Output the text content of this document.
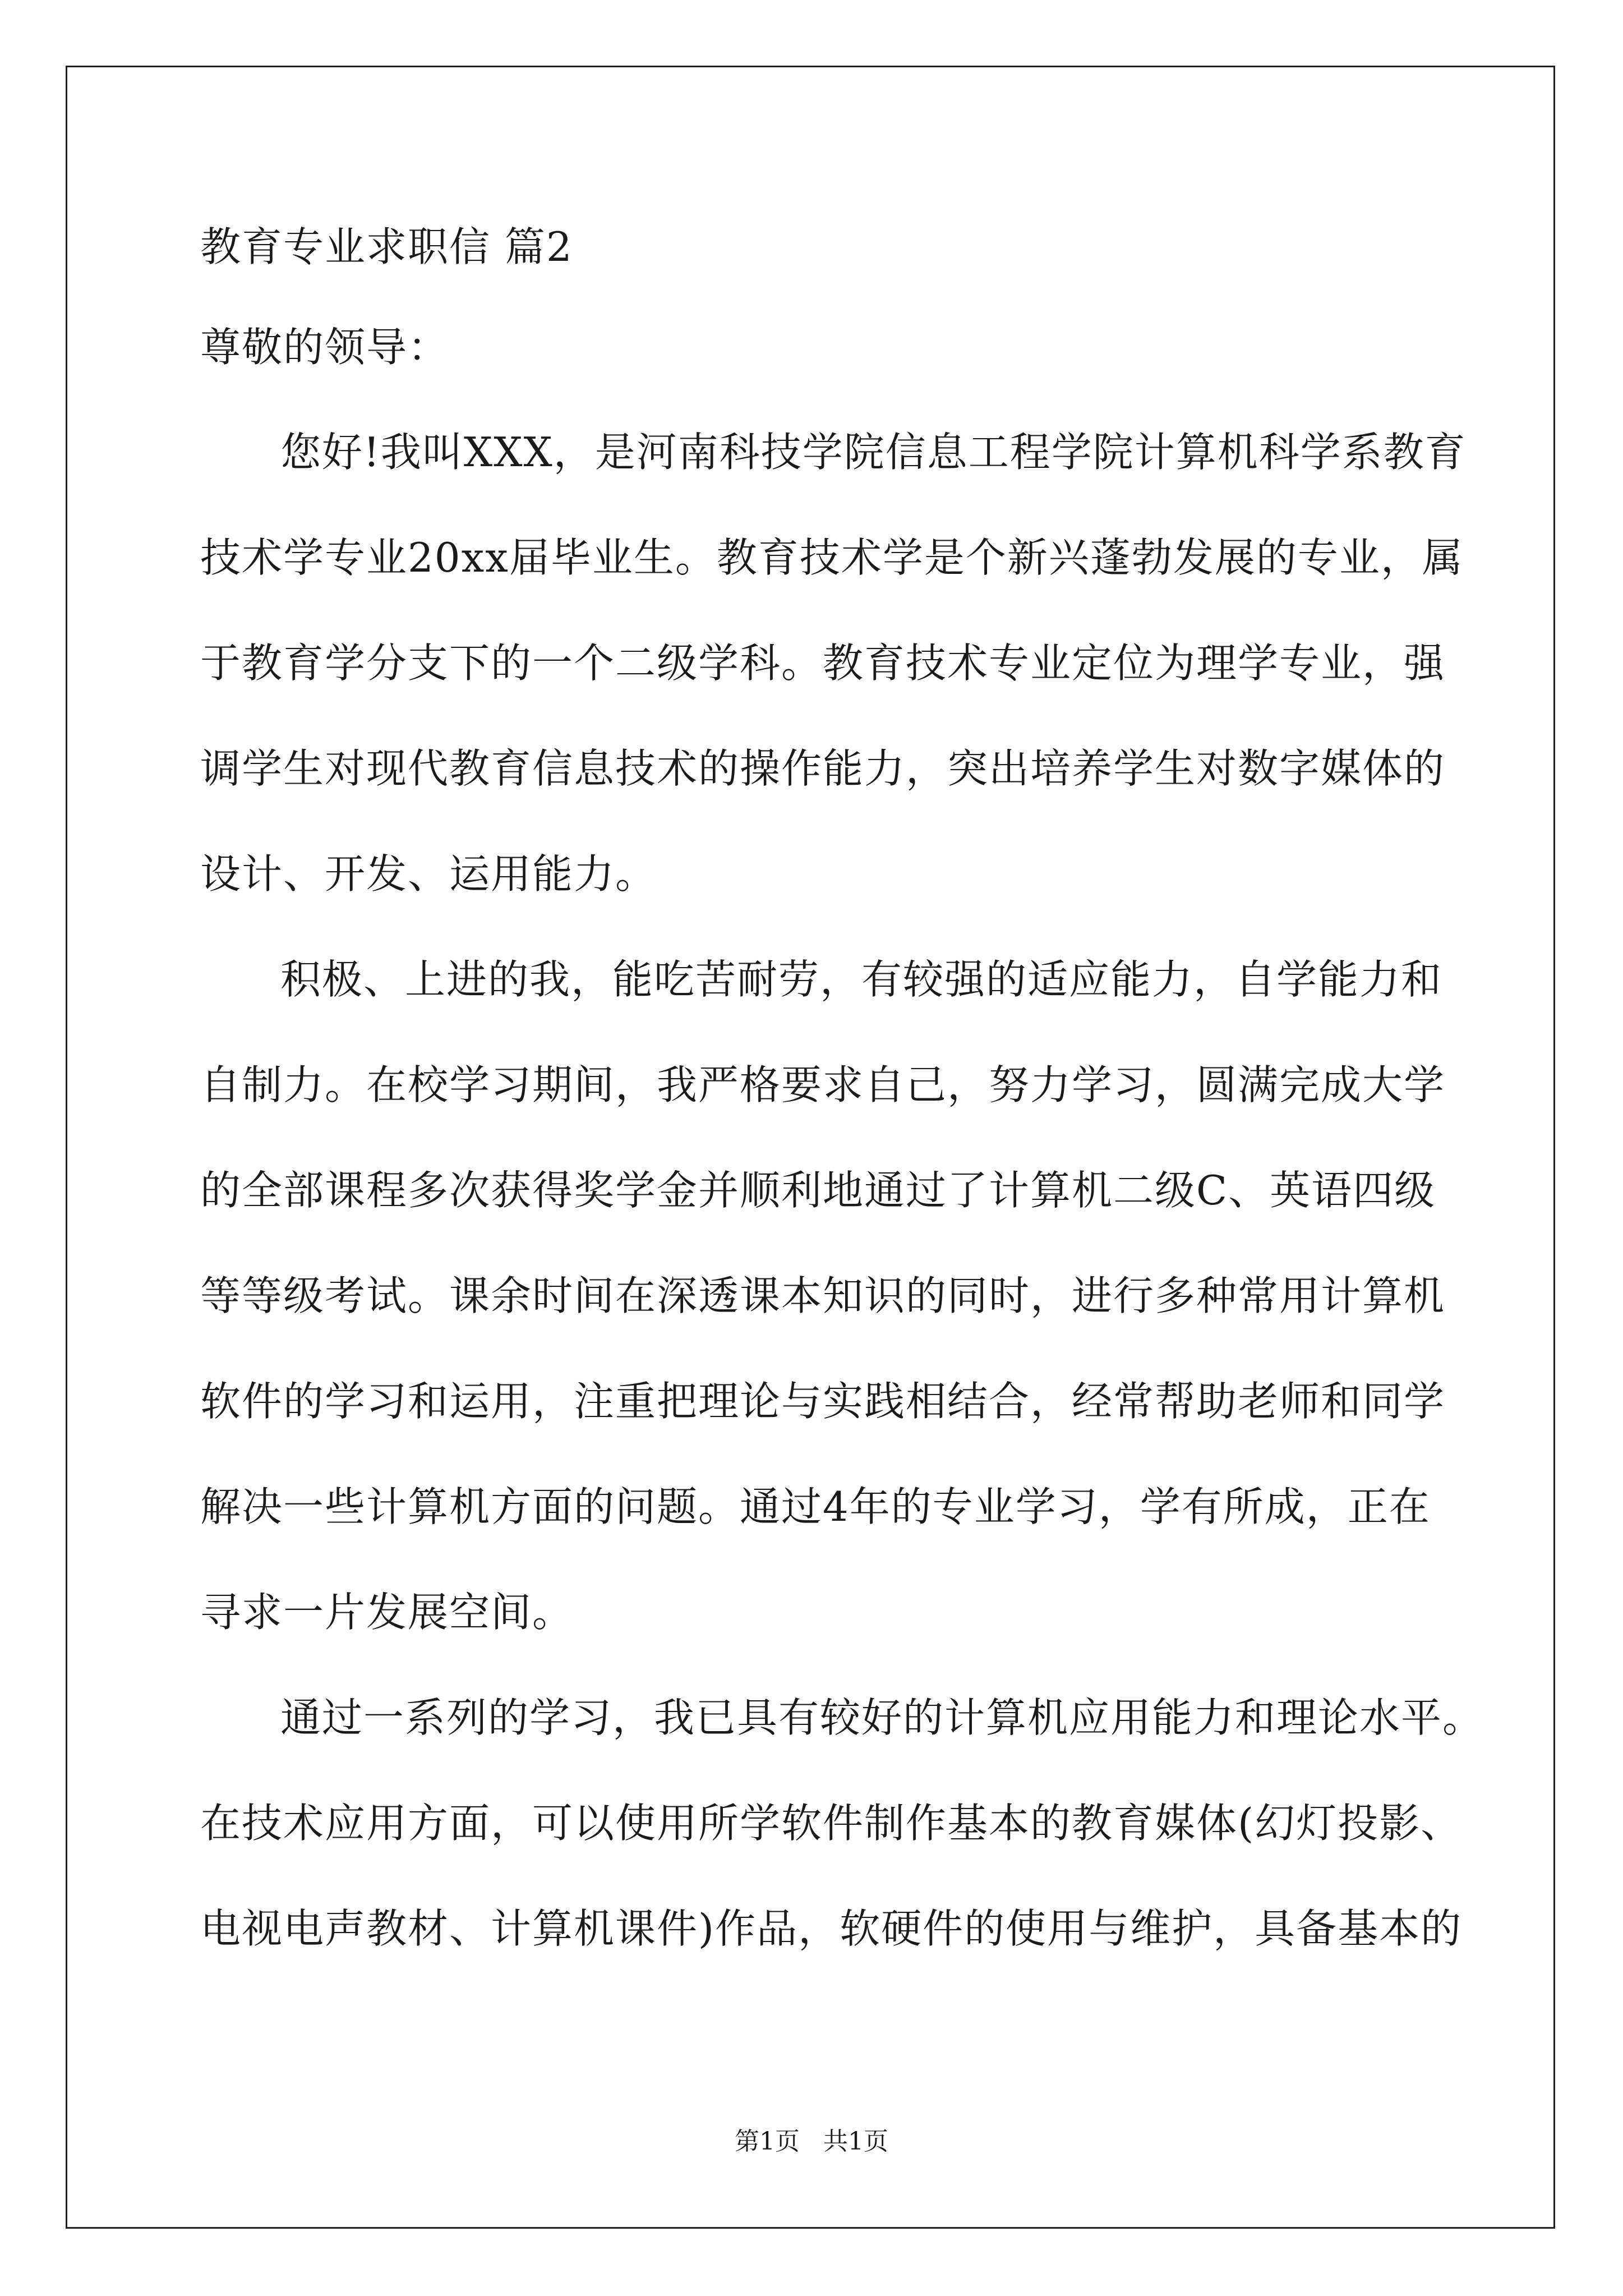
教育专业求职信 篇2

尊敬的领导：

您好!我叫XXX，是河南科技学院信息工程学院计算机科学系教育

技术学专业20xx届毕业生。教育技术学是个新兴蓬勃发展的专业，属

于教育学分支下的一个二级学科。教育技术专业定位为理学专业，强

调学生对现代教育信息技术的操作能力，突出培养学生对数字媒体的

设计、开发、运用能力。

积极、上进的我，能吃苦耐劳，有较强的适应能力，自学能力和

自制力。在校学习期间，我严格要求自己，努力学习，圆满完成大学

的全部课程多次获得奖学金并顺利地通过了计算机二级C、英语四级

等等级考试。课余时间在深透课本知识的同时，进行多种常用计算机

软件的学习和运用，注重把理论与实践相结合，经常帮助老师和同学

解决一些计算机方面的问题。通过4年的专业学习，学有所成，正在

寻求一片发展空间。

通过一系列的学习，我已具有较好的计算机应用能力和理论水平。

在技术应用方面，可以使用所学软件制作基本的教育媒体(幻灯投影、

电视电声教材、计算机课件)作品，软硬件的使用与维护，具备基本的

第1页   共1页
